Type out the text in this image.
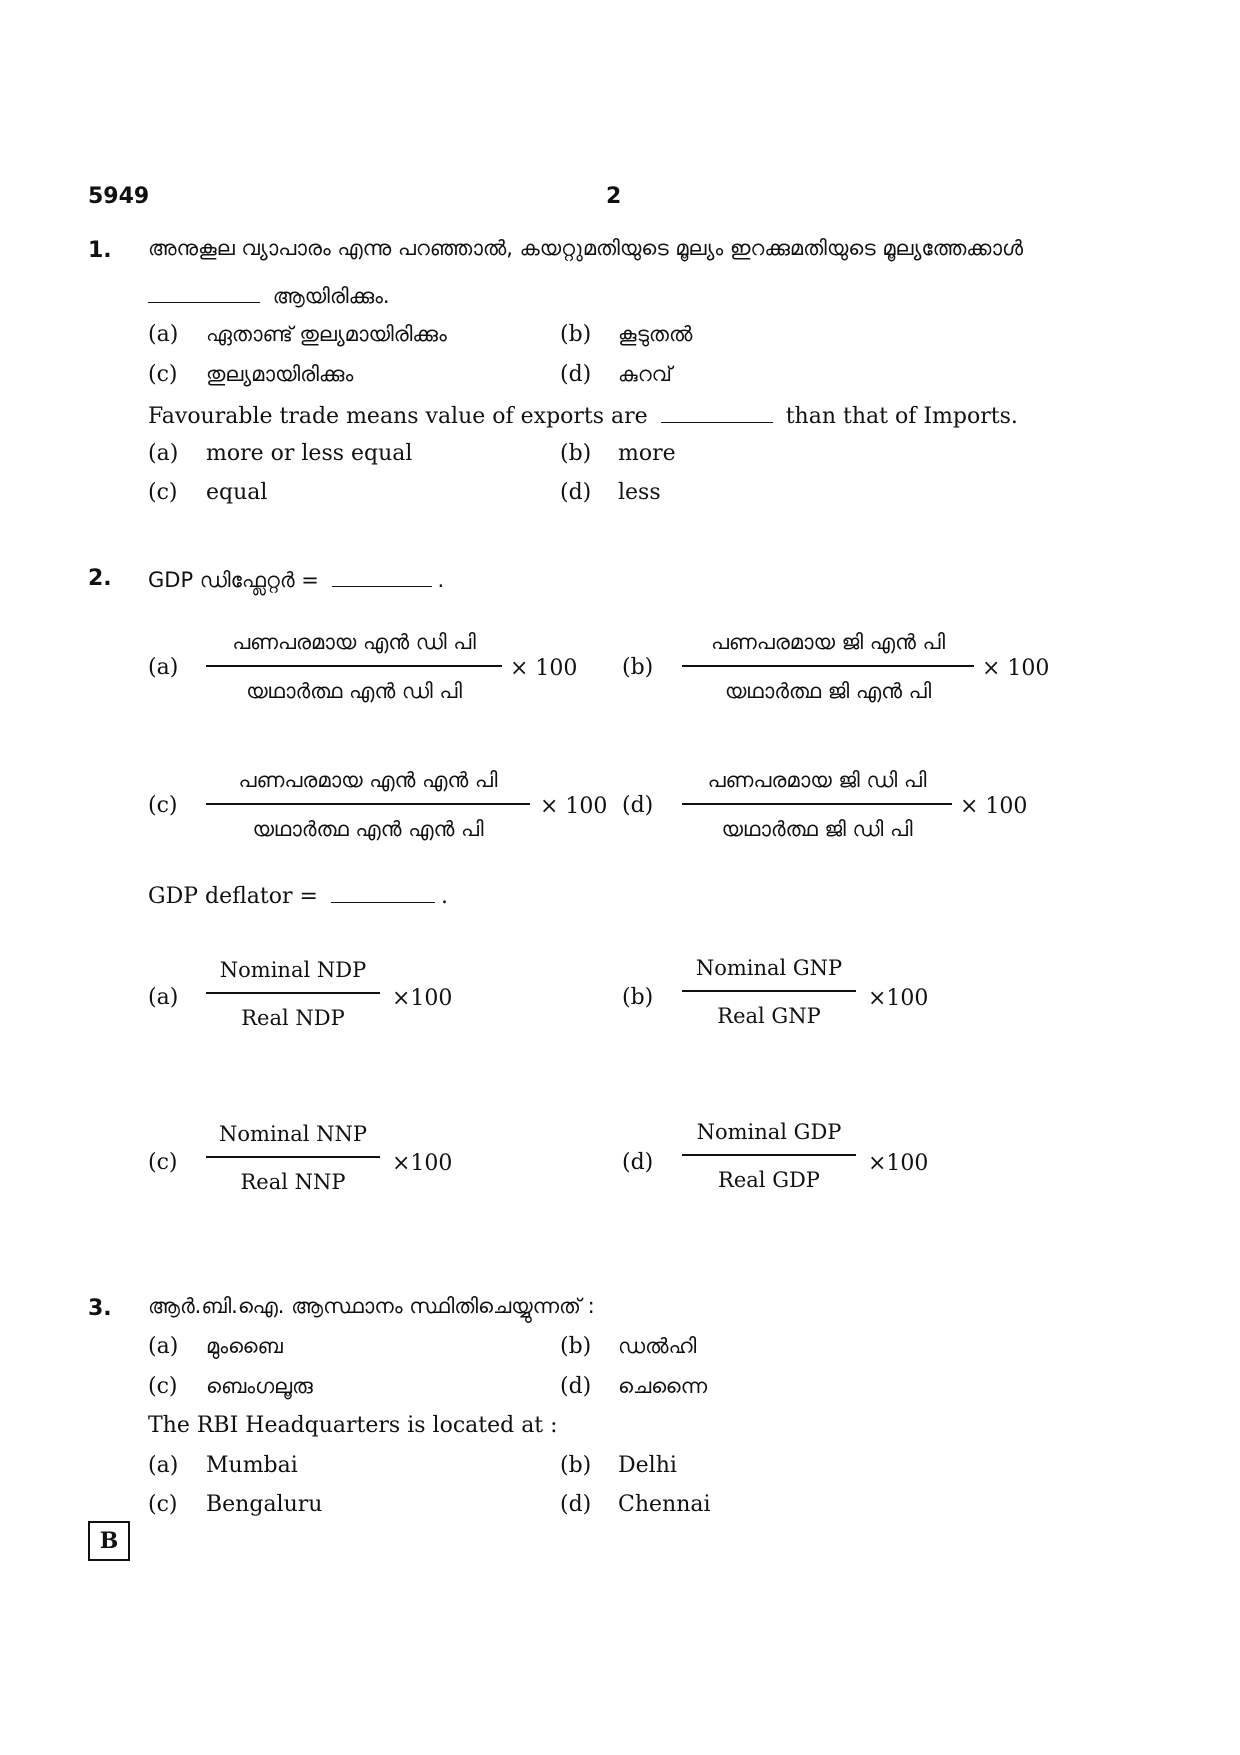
5949	2
1. അനുകൂല വ്യാപാരം എന്നു പറഞ്ഞാൽ, കയറ്റുമതിയുടെ മൂല്യം ഇറക്കുമതിയുടെ മൂല്യത്തേക്കാൾ
ആയിരിക്കും.
(a) ഏതാണ്ട് തുല്യമായിരിക്കും	(b) കൂടുതൽ
(c) തുല്യമായിരിക്കും	(d) കുറവ്
Favourable trade means value of exports are	than that of Imports.
(a) more or less equal	(b) more
(c) equal	(d) less
2. GDP ഡിഫ്ലേറ്റർ =	.
(a)
പണപരമായ എൻ ഡി പി
യഥാർത്ഥ എൻ ഡി പി
× 100 (b)
പണപരമായ ജി എൻ പി
യഥാർത്ഥ ജി എൻ പി
× 100
(c)
പണപരമായ എൻ എൻ പി
യഥാർത്ഥ എൻ എൻ പി
× 100 (d)
പണപരമായ ജി ഡി പി
യഥാർത്ഥ ജി ഡി പി
× 100
GDP deflator =	.
(a)
Nominal NDP
Real NDP
×100	(b)
Nominal GNP
Real GNP
×100
(c)
Nominal NNP
Real NNP
×100	(d)
Nominal GDP
Real GDP
×100
3. ആർ.ബി.ഐ. ആസ്ഥാനം സ്ഥിതിചെയ്യുന്നത് :
(a) മുംബൈ	(b) ഡൽഹി
(c) ബെംഗലൂരു	(d) ചെന്നൈ
The RBI Headquarters is located at :
(a) Mumbai	(b) Delhi
(c) Bengaluru	(d) Chennai
B
